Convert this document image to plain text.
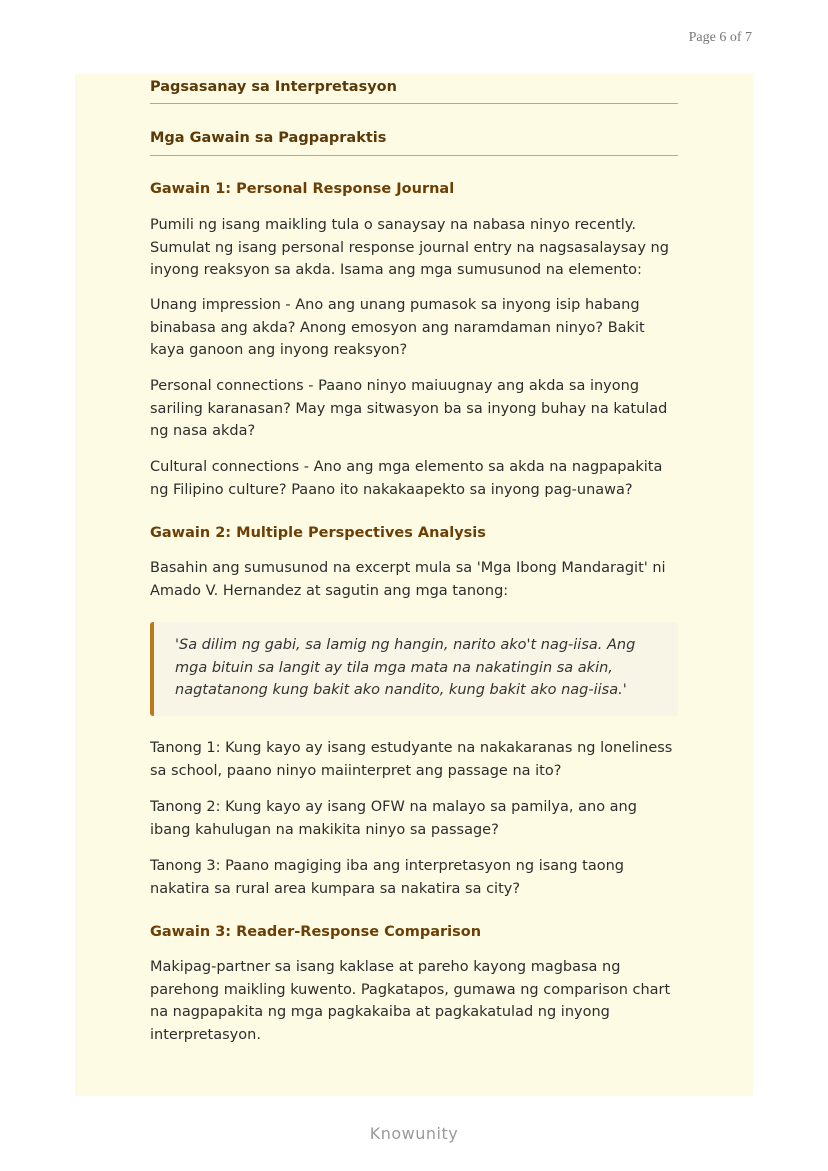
Page 6 of 7
Pagsasanay sa Interpretasyon
Mga Gawain sa Pagpapraktis
Gawain 1: Personal Response Journal

Pumili ng isang maikling tula o sanaysay na nabasa ninyo recently. Sumulat ng isang personal response journal entry na nagsasalaysay ng inyong reaksyon sa akda. Isama ang mga sumusunod na elemento:

Unang impression - Ano ang unang pumasok sa inyong isip habang binabasa ang akda? Anong emosyon ang naramdaman ninyo? Bakit kaya ganoon ang inyong reaksyon?

Personal connections - Paano ninyo maiuugnay ang akda sa inyong sariling karanasan? May mga sitwasyon ba sa inyong buhay na katulad ng nasa akda?

Cultural connections - Ano ang mga elemento sa akda na nagpapakita ng Filipino culture? Paano ito nakakaapekto sa inyong pag-unawa?

Gawain 2: Multiple Perspectives Analysis

Basahin ang sumusunod na excerpt mula sa 'Mga Ibong Mandaragit' ni Amado V. Hernandez at sagutin ang mga tanong:

'Sa dilim ng gabi, sa lamig ng hangin, narito ako't nag-iisa. Ang mga bituin sa langit ay tila mga mata na nakatingin sa akin, nagtatanong kung bakit ako nandito, kung bakit ako nag-iisa.'

Tanong 1: Kung kayo ay isang estudyante na nakakaranas ng loneliness sa school, paano ninyo maiinterpret ang passage na ito?

Tanong 2: Kung kayo ay isang OFW na malayo sa pamilya, ano ang ibang kahulugan na makikita ninyo sa passage?

Tanong 3: Paano magiging iba ang interpretasyon ng isang taong nakatira sa rural area kumpara sa nakatira sa city?

Gawain 3: Reader-Response Comparison

Makipag-partner sa isang kaklase at pareho kayong magbasa ng parehong maikling kuwento. Pagkatapos, gumawa ng comparison chart na nagpapakita ng mga pagkakaiba at pagkakatulad ng inyong interpretasyon.

Knowunity
